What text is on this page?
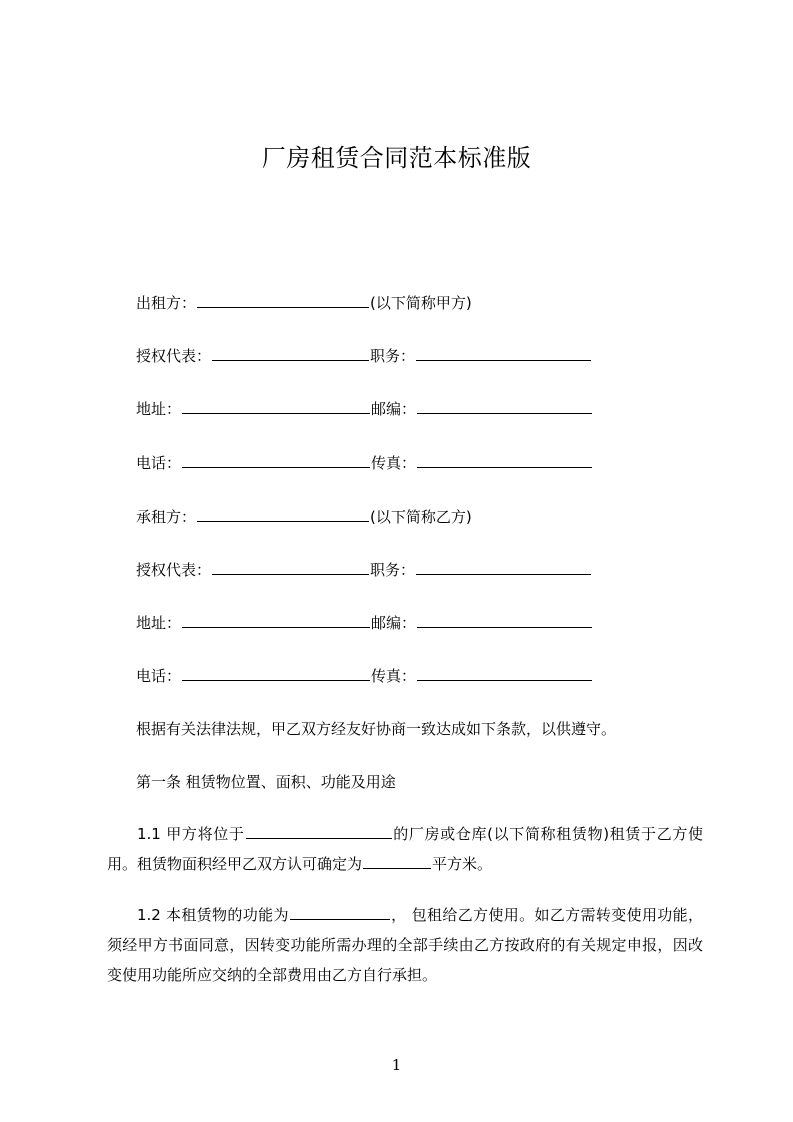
厂房租赁合同范本标准版
出租方：	(以下简称甲方)
授权代表：	职务：
地址：	邮编：
电话：	传真：
承租方：	(以下简称乙方)
授权代表：	职务：
地址：	邮编：
电话：	传真：
根据有关法律法规，甲乙双方经友好协商一致达成如下条款，以供遵守。
第一条 租赁物位置、面积、功能及用途
1.1 甲方将位于	的厂房或仓库(以下简称租赁物)租赁于乙方使用。租赁物面积经甲乙双方认可确定为	平方米。
1.2 本租赁物的功能为	， 包租给乙方使用。如乙方需转变使用功能，须经甲方书面同意，因转变功能所需办理的全部手续由乙方按政府的有关规定申报，因改变使用功能所应交纳的全部费用由乙方自行承担。
1
